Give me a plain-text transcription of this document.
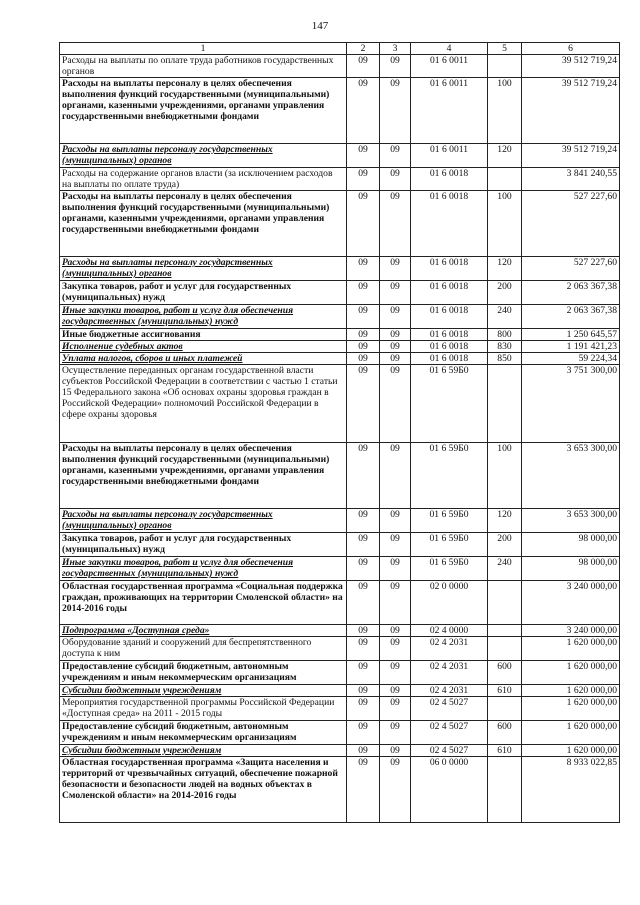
147
1	2	3	4	5	6
Расходы на выплаты по оплате труда работников государственных органов	09	09	01 6 0011		39 512 719,24
Расходы на выплаты персоналу в целях обеспечения выполнения функций государственными (муниципальными) органами, казенными учреждениями, органами управления государственными внебюджетными фондами	09	09	01 6 0011	100	39 512 719,24
Расходы на выплаты персоналу государственных (муниципальных) органов	09	09	01 6 0011	120	39 512 719,24
Расходы на содержание органов власти (за исключением расходов на выплаты по оплате труда)	09	09	01 6 0018		3 841 240,55
Расходы на выплаты персоналу в целях обеспечения выполнения функций государственными (муниципальными) органами, казенными учреждениями, органами управления государственными внебюджетными фондами	09	09	01 6 0018	100	527 227,60
Расходы на выплаты персоналу государственных (муниципальных) органов	09	09	01 6 0018	120	527 227,60
Закупка товаров, работ и услуг для государственных (муниципальных) нужд	09	09	01 6 0018	200	2 063 367,38
Иные закупки товаров, работ и услуг для обеспечения государственных (муниципальных) нужд	09	09	01 6 0018	240	2 063 367,38
Иные бюджетные ассигнования	09	09	01 6 0018	800	1 250 645,57
Исполнение судебных актов	09	09	01 6 0018	830	1 191 421,23
Уплата налогов, сборов и иных платежей	09	09	01 6 0018	850	59 224,34
Осуществление переданных органам государственной власти субъектов Российской Федерации в соответствии с частью 1 статьи 15 Федерального закона «Об основах охраны здоровья граждан в Российской Федерации» полномочий Российской Федерации в сфере охраны здоровья	09	09	01 6 59Б0		3 751 300,00
Расходы на выплаты персоналу в целях обеспечения выполнения функций государственными (муниципальными) органами, казенными учреждениями, органами управления государственными внебюджетными фондами	09	09	01 6 59Б0	100	3 653 300,00
Расходы на выплаты персоналу государственных (муниципальных) органов	09	09	01 6 59Б0	120	3 653 300,00
Закупка товаров, работ и услуг для государственных (муниципальных) нужд	09	09	01 6 59Б0	200	98 000,00
Иные закупки товаров, работ и услуг для обеспечения государственных (муниципальных) нужд	09	09	01 6 59Б0	240	98 000,00
Областная государственная программа «Социальная поддержка граждан, проживающих на территории Смоленской области» на 2014-2016 годы	09	09	02 0 0000		3 240 000,00
Подпрограмма «Доступная среда»	09	09	02 4 0000		3 240 000,00
Оборудование зданий и сооружений для беспрепятственного доступа к ним	09	09	02 4 2031		1 620 000,00
Предоставление субсидий бюджетным, автономным учреждениям и иным некоммерческим организациям	09	09	02 4 2031	600	1 620 000,00
Субсидии бюджетным учреждениям	09	09	02 4 2031	610	1 620 000,00
Мероприятия государственной программы Российской Федерации «Доступная среда» на 2011 - 2015 годы	09	09	02 4 5027		1 620 000,00
Предоставление субсидий бюджетным, автономным учреждениям и иным некоммерческим организациям	09	09	02 4 5027	600	1 620 000,00
Субсидии бюджетным учреждениям	09	09	02 4 5027	610	1 620 000,00
Областная государственная программа «Защита населения и территорий от чрезвычайных ситуаций, обеспечение пожарной безопасности и безопасности людей на водных объектах в Смоленской области» на 2014-2016 годы	09	09	06 0 0000		8 933 022,85
